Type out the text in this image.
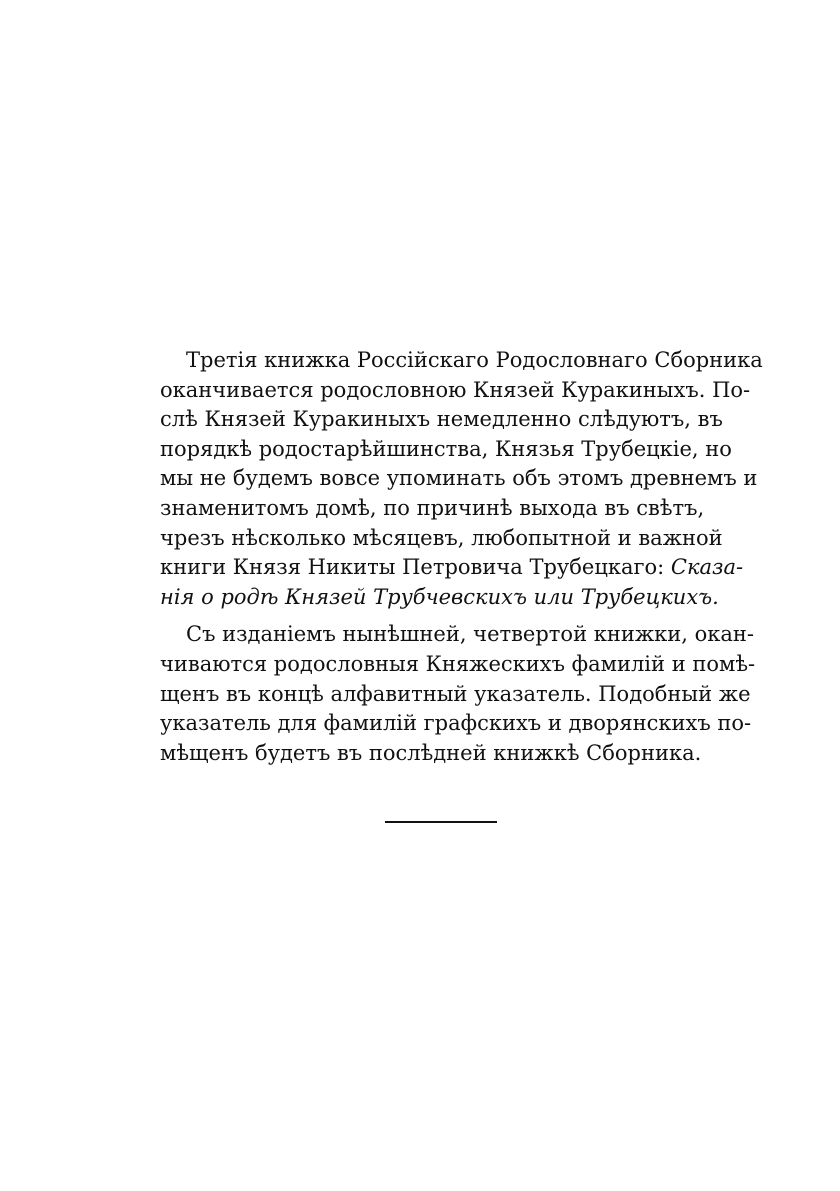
Третія книжка Россійскаго Родословнаго Сборника
оканчивается родословною Князей Куракиныхъ. По-
слѣ Князей Куракиныхъ немедленно слѣдуютъ, въ
порядкѣ родостарѣйшинства, Князья Трубецкіе, но
мы не будемъ вовсе упоминать объ этомъ древнемъ и
знаменитомъ домѣ, по причинѣ выхода въ свѣтъ,
чрезъ нѣсколько мѣсяцевъ, любопытной и важной
книги Князя Никиты Петровича Трубецкаго: Сказа-
нія о родѣ Князей Трубчевскихъ или Трубецкихъ.
Съ изданіемъ нынѣшней, четвертой книжки, окан-
чиваются родословныя Княжескихъ фамилій и помѣ-
щенъ въ концѣ алфавитный указатель. Подобный же
указатель для фамилій графскихъ и дворянскихъ по-
мѣщенъ будетъ въ послѣдней книжкѣ Сборника.
